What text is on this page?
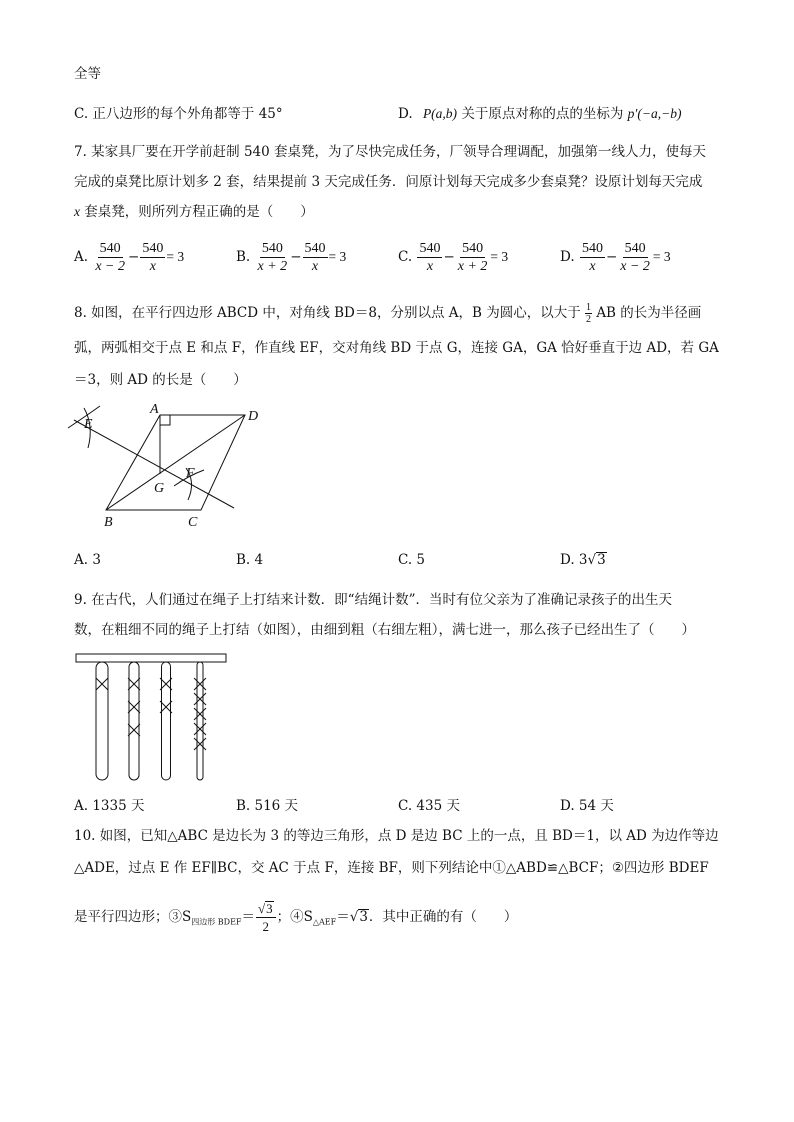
全等
C. 正八边形的每个外角都等于 45°	D. P(a,b) 关于原点对称的点的坐标为 p′(−a,−b)
7. 某家具厂要在开学前赶制 540 套桌凳，为了尽快完成任务，厂领导合理调配，加强第一线人力，使每天
完成的桌凳比原计划多 2 套，结果提前 3 天完成任务．问原计划每天完成多少套桌凳？设原计划每天完成
x 套桌凳，则所列方程正确的是（　　）
A. $\frac{540}{x - 2} - \frac{540}{x} = 3$	B. $\frac{540}{x + 2} - \frac{540}{x} = 3$	C. $\frac{540}{x} - \frac{540}{x + 2} = 3$	D. $\frac{540}{x} - \frac{540}{x - 2} = 3$
8. 如图，在平行四边形 ABCD 中，对角线 BD＝8，分别以点 A，B 为圆心，以大于 $\frac{1}{2}$ AB 的长为半径画
弧，两弧相交于点 E 和点 F，作直线 EF，交对角线 BD 于点 G，连接 GA，GA 恰好垂直于边 AD，若 GA
＝3，则 AD 的长是（　　）
A	D
E
F
G
B	C
A. 3	B. 4	C. 5	D. 3√3
9. 在古代，人们通过在绳子上打结来计数．即“结绳计数”．当时有位父亲为了准确记录孩子的出生天
数，在粗细不同的绳子上打结（如图），由细到粗（右细左粗），满七进一，那么孩子已经出生了（　　）
A. 1335 天	B. 516 天	C. 435 天	D. 54 天
10. 如图，已知△ABC 是边长为 3 的等边三角形，点 D 是边 BC 上的一点，且 BD＝1，以 AD 为边作等边
△ADE，过点 E 作 EF∥BC，交 AC 于点 F，连接 BF，则下列结论中①△ABD≌△BCF；②四边形 BDEF
是平行四边形；$③S_{四边形 BDEF}= \frac{√3}{2}$ ；$④S_{\triangle AEF}=√3$．其中正确的有（　　）
